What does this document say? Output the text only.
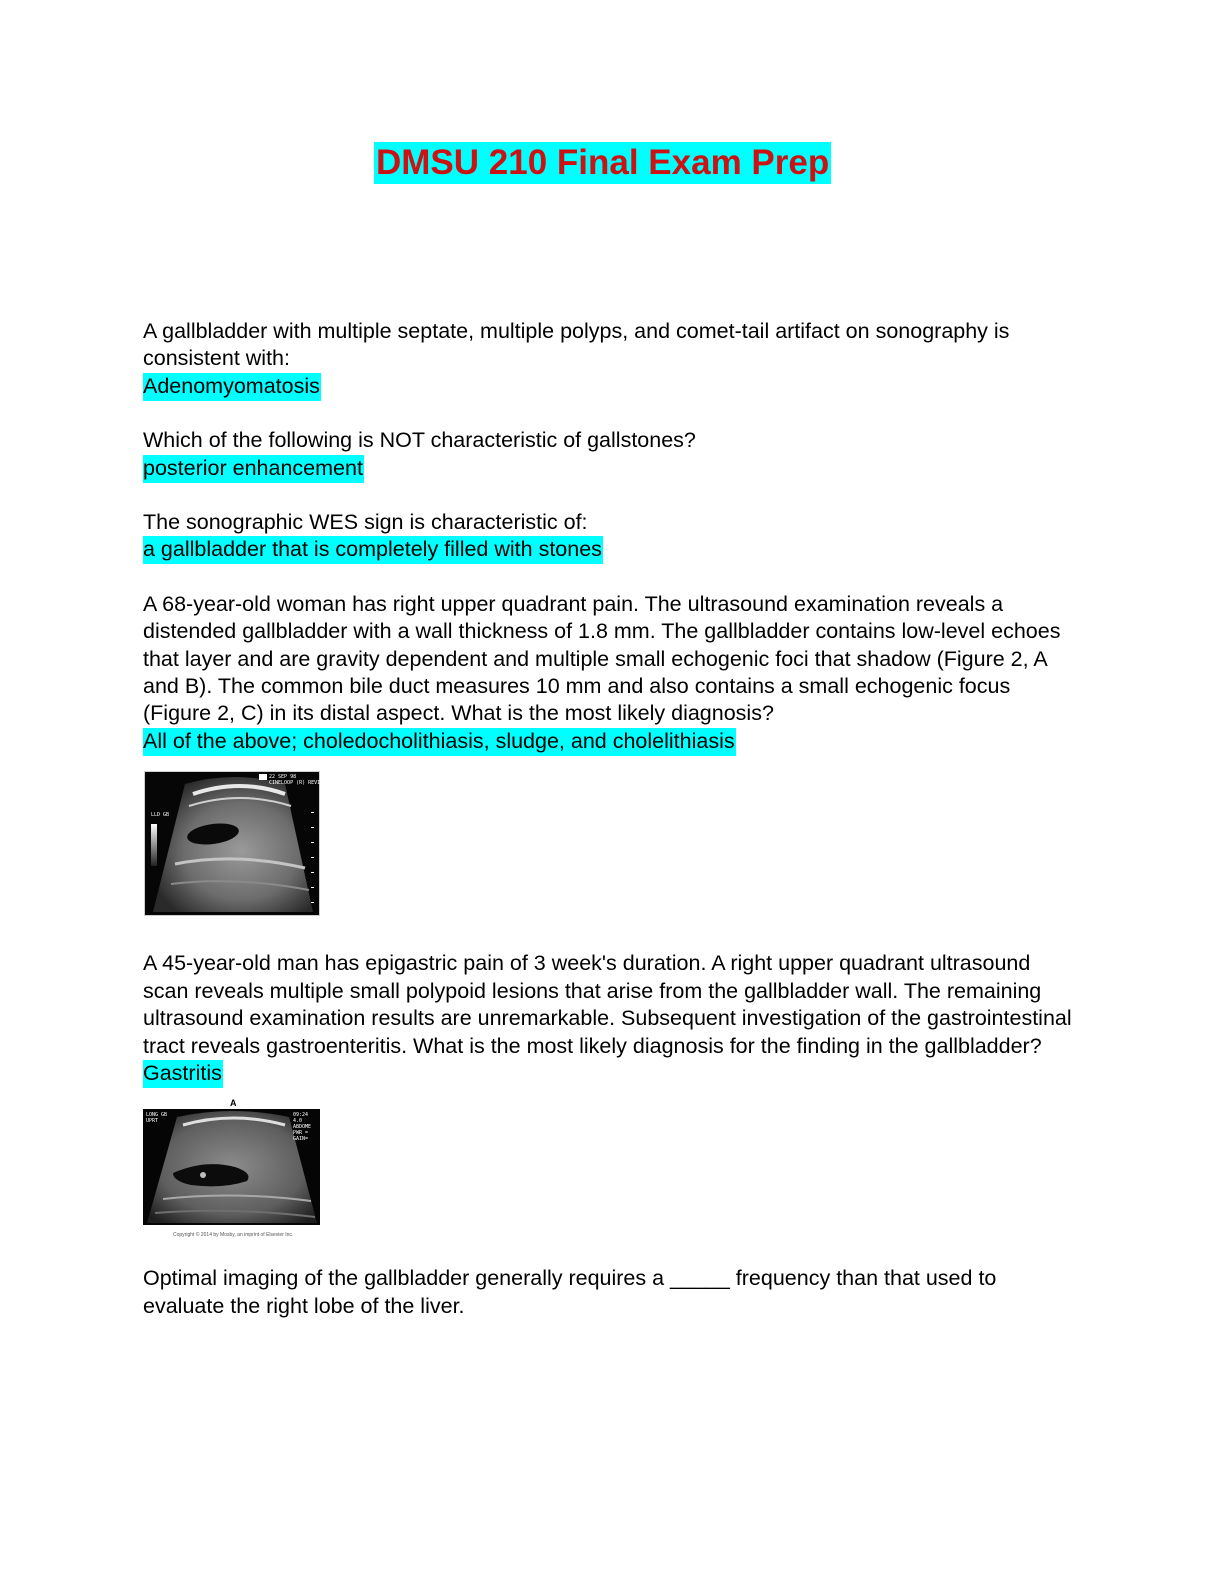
DMSU 210 Final Exam Prep

A gallbladder with multiple septate, multiple polyps, and comet-tail artifact on sonography is consistent with:

Adenomyomatosis

Which of the following is NOT characteristic of gallstones?

posterior enhancement

The sonographic WES sign is characteristic of:

a gallbladder that is completely filled with stones

A 68-year-old woman has right upper quadrant pain. The ultrasound examination reveals a distended gallbladder with a wall thickness of 1.8 mm. The gallbladder contains low-level echoes that layer and are gravity dependent and multiple small echogenic foci that shadow (Figure 2, A and B). The common bile duct measures 10 mm and also contains a small echogenic focus (Figure 2, C) in its distal aspect. What is the most likely diagnosis?

All of the above; choledocholithiasis, sludge, and cholelithiasis
22 SEP 98
CINELOOP (R) REVIEW
LLD GB

A 45-year-old man has epigastric pain of 3 week's duration. A right upper quadrant ultrasound scan reveals multiple small polypoid lesions that arise from the gallbladder wall. The remaining ultrasound examination results are unremarkable. Subsequent investigation of the gastrointestinal tract reveals gastroenteritis. What is the most likely diagnosis for the finding in the gallbladder?

Gastritis
A
LONG GB
UPRT
09:24
4.0
ABDOME
PWR =
GAIN=
Copyright © 2014 by Mosby, an imprint of Elsevier Inc.

Optimal imaging of the gallbladder generally requires a _____ frequency than that used to evaluate the right lobe of the liver.
